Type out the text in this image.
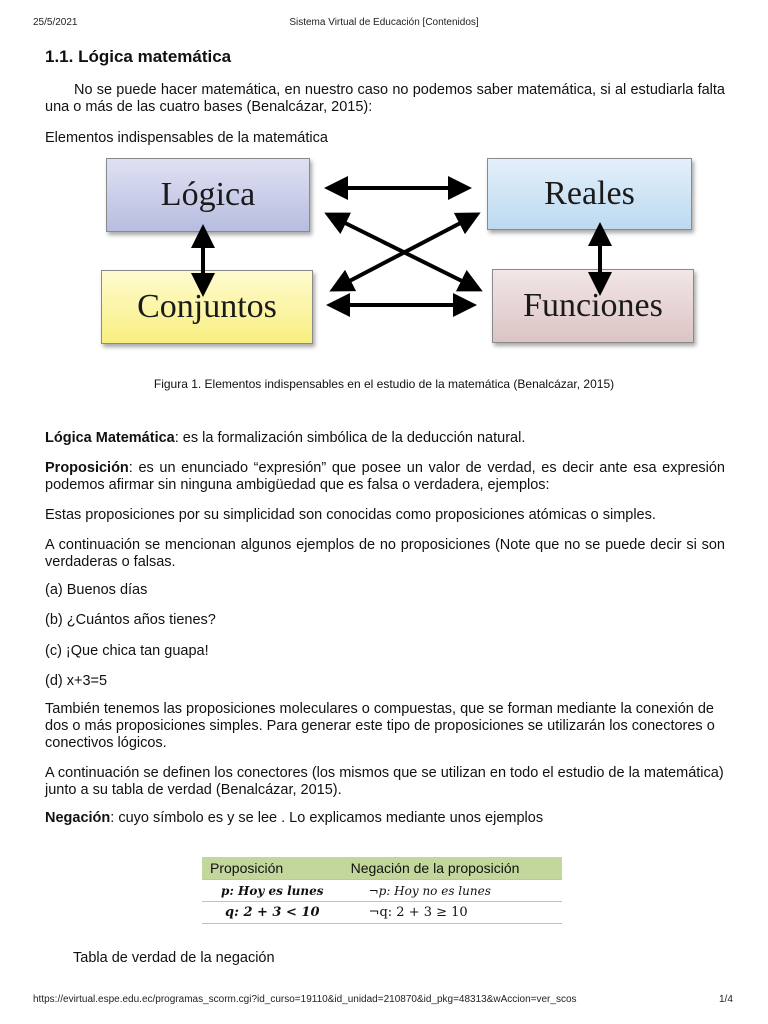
25/5/2021	Sistema Virtual de Educación [Contenidos]
1.1. Lógica matemática

No se puede hacer matemática, en nuestro caso no podemos saber matemática, si al estudiarla falta una o más de las cuatro bases (Benalcázar, 2015):

Elementos indispensables de la matemática

Lógica	Reales
Conjuntos	Funciones
Figura 1. Elementos indispensables en el estudio de la matemática (Benalcázar, 2015)

Lógica Matemática: es la formalización simbólica de la deducción natural.

Proposición: es un enunciado “expresión” que posee un valor de verdad, es decir ante esa expresión podemos afirmar sin ninguna ambigüedad que es falsa o verdadera, ejemplos:

Estas proposiciones por su simplicidad son conocidas como proposiciones atómicas o simples.

A continuación se mencionan algunos ejemplos de no proposiciones (Note que no se puede decir si son verdaderas o falsas.

(a) Buenos días

(b) ¿Cuántos años tienes?

(c) ¡Que chica tan guapa!

(d) x+3=5

También tenemos las proposiciones moleculares o compuestas, que se forman mediante la conexión de dos o más proposiciones simples. Para generar este tipo de proposiciones se utilizarán los conectores o conectivos lógicos.

A continuación se definen los conectores (los mismos que se utilizan en todo el estudio de la matemática) junto a su tabla de verdad (Benalcázar, 2015).

Negación: cuyo símbolo es y se lee . Lo explicamos mediante unos ejemplos

Proposición	Negación de la proposición
p: Hoy es lunes	¬p: Hoy no es lunes
q: 2 + 3 < 10	¬q: 2 + 3 ≥ 10

Tabla de verdad de la negación

https://evirtual.espe.edu.ec/programas_scorm.cgi?id_curso=19110&id_unidad=210870&id_pkg=48313&wAccion=ver_scos	1/4
